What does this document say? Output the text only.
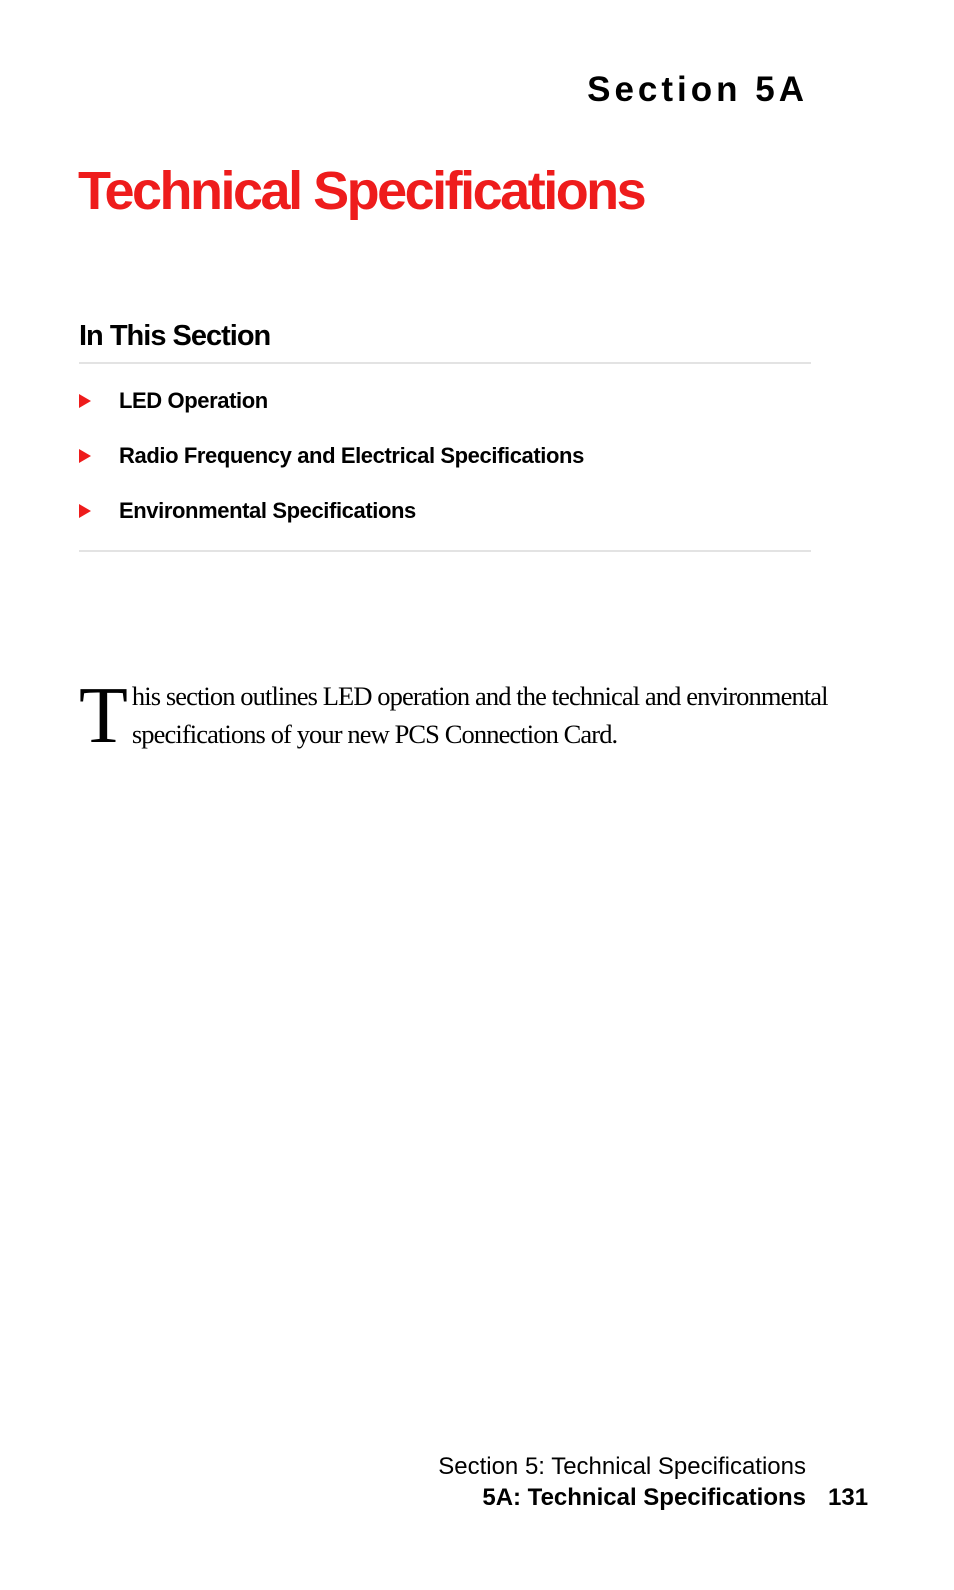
Section 5A
Technical Specifications
In This Section
LED Operation
Radio Frequency and Electrical Specifications
Environmental Specifications

This section outlines LED operation and the technical and environmental specifications of your new PCS Connection Card.

Section 5: Technical Specifications
5A: Technical Specifications 131
